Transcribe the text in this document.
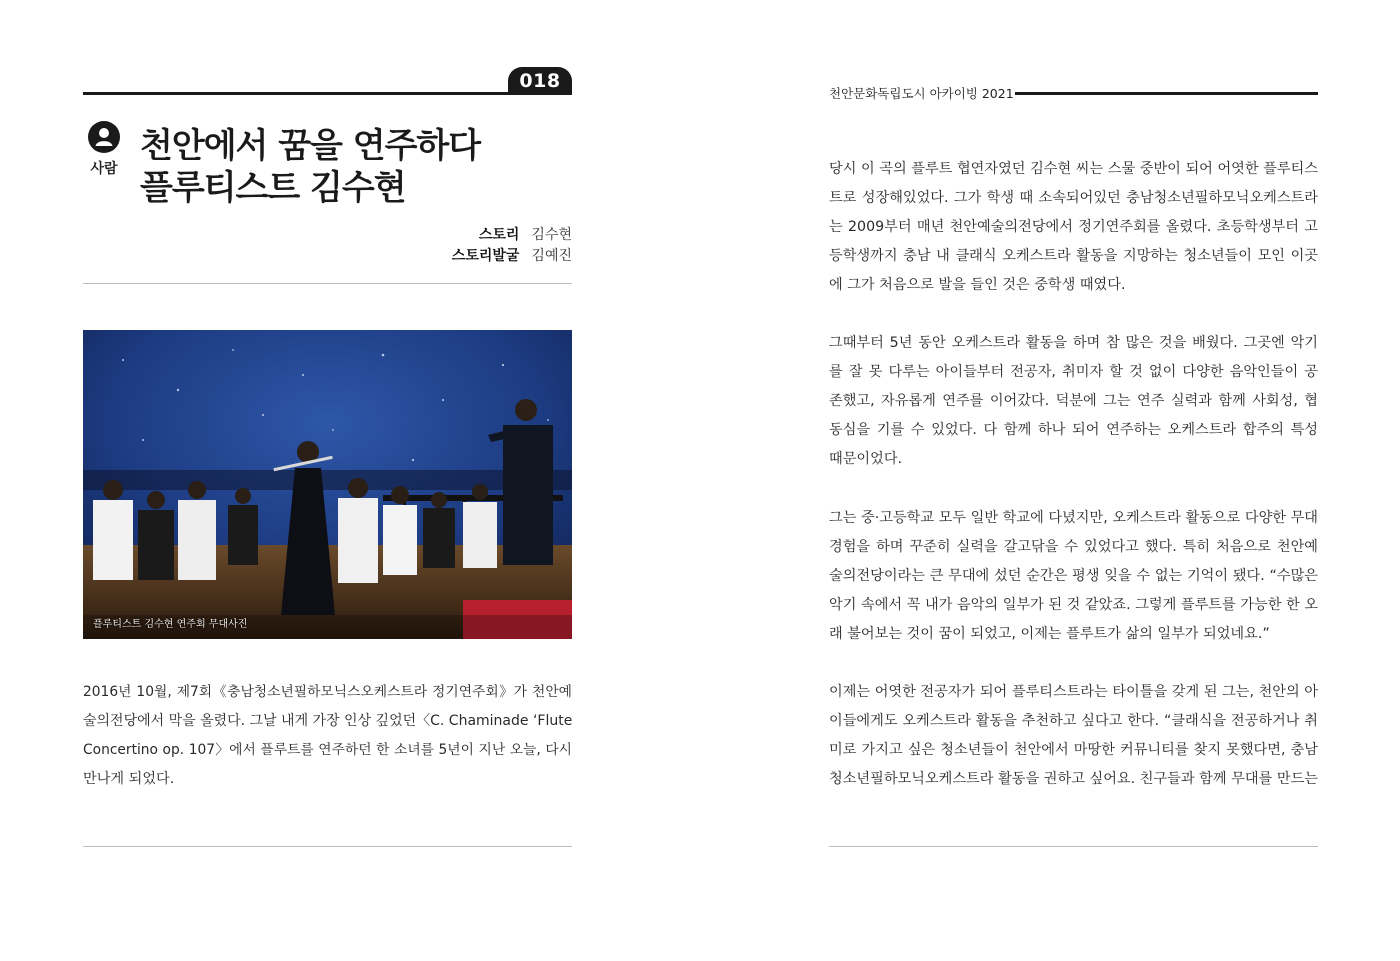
018
사람
천안에서 꿈을 연주하다
플루티스트 김수현
스토리 김수현
스토리발굴 김예진
플루티스트 김수현 연주회 무대사진
2016년 10월, 제7회《충남청소년필하모닉스오케스트라 정기연주회》가 천안예
술의전당에서 막을 올렸다. 그날 내게 가장 인상 깊었던〈C. Chaminade ‘Flute
Concertino op. 107〉에서 플루트를 연주하던 한 소녀를 5년이 지난 오늘, 다시
만나게 되었다.
천안문화독립도시 아카이빙 2021
당시 이 곡의 플루트 협연자였던 김수현 씨는 스물 중반이 되어 어엿한 플루티스
트로 성장해있었다. 그가 학생 때 소속되어있던 충남청소년필하모닉오케스트라
는 2009부터 매년 천안예술의전당에서 정기연주회를 올렸다. 초등학생부터 고
등학생까지 충남 내 클래식 오케스트라 활동을 지망하는 청소년들이 모인 이곳
에 그가 처음으로 발을 들인 것은 중학생 때였다.
그때부터 5년 동안 오케스트라 활동을 하며 참 많은 것을 배웠다. 그곳엔 악기
를 잘 못 다루는 아이들부터 전공자, 취미자 할 것 없이 다양한 음악인들이 공
존했고, 자유롭게 연주를 이어갔다. 덕분에 그는 연주 실력과 함께 사회성, 협
동심을 기를 수 있었다. 다 함께 하나 되어 연주하는 오케스트라 합주의 특성
때문이었다.
그는 중·고등학교 모두 일반 학교에 다녔지만, 오케스트라 활동으로 다양한 무대
경험을 하며 꾸준히 실력을 갈고닦을 수 있었다고 했다. 특히 처음으로 천안예
술의전당이라는 큰 무대에 섰던 순간은 평생 잊을 수 없는 기억이 됐다. “수많은
악기 속에서 꼭 내가 음악의 일부가 된 것 같았죠. 그렇게 플루트를 가능한 한 오
래 불어보는 것이 꿈이 되었고, 이제는 플루트가 삶의 일부가 되었네요.”
이제는 어엿한 전공자가 되어 플루티스트라는 타이틀을 갖게 된 그는, 천안의 아
이들에게도 오케스트라 활동을 추천하고 싶다고 한다. “클래식을 전공하거나 취
미로 가지고 싶은 청소년들이 천안에서 마땅한 커뮤니티를 찾지 못했다면, 충남
청소년필하모닉오케스트라 활동을 권하고 싶어요. 친구들과 함께 무대를 만드는
